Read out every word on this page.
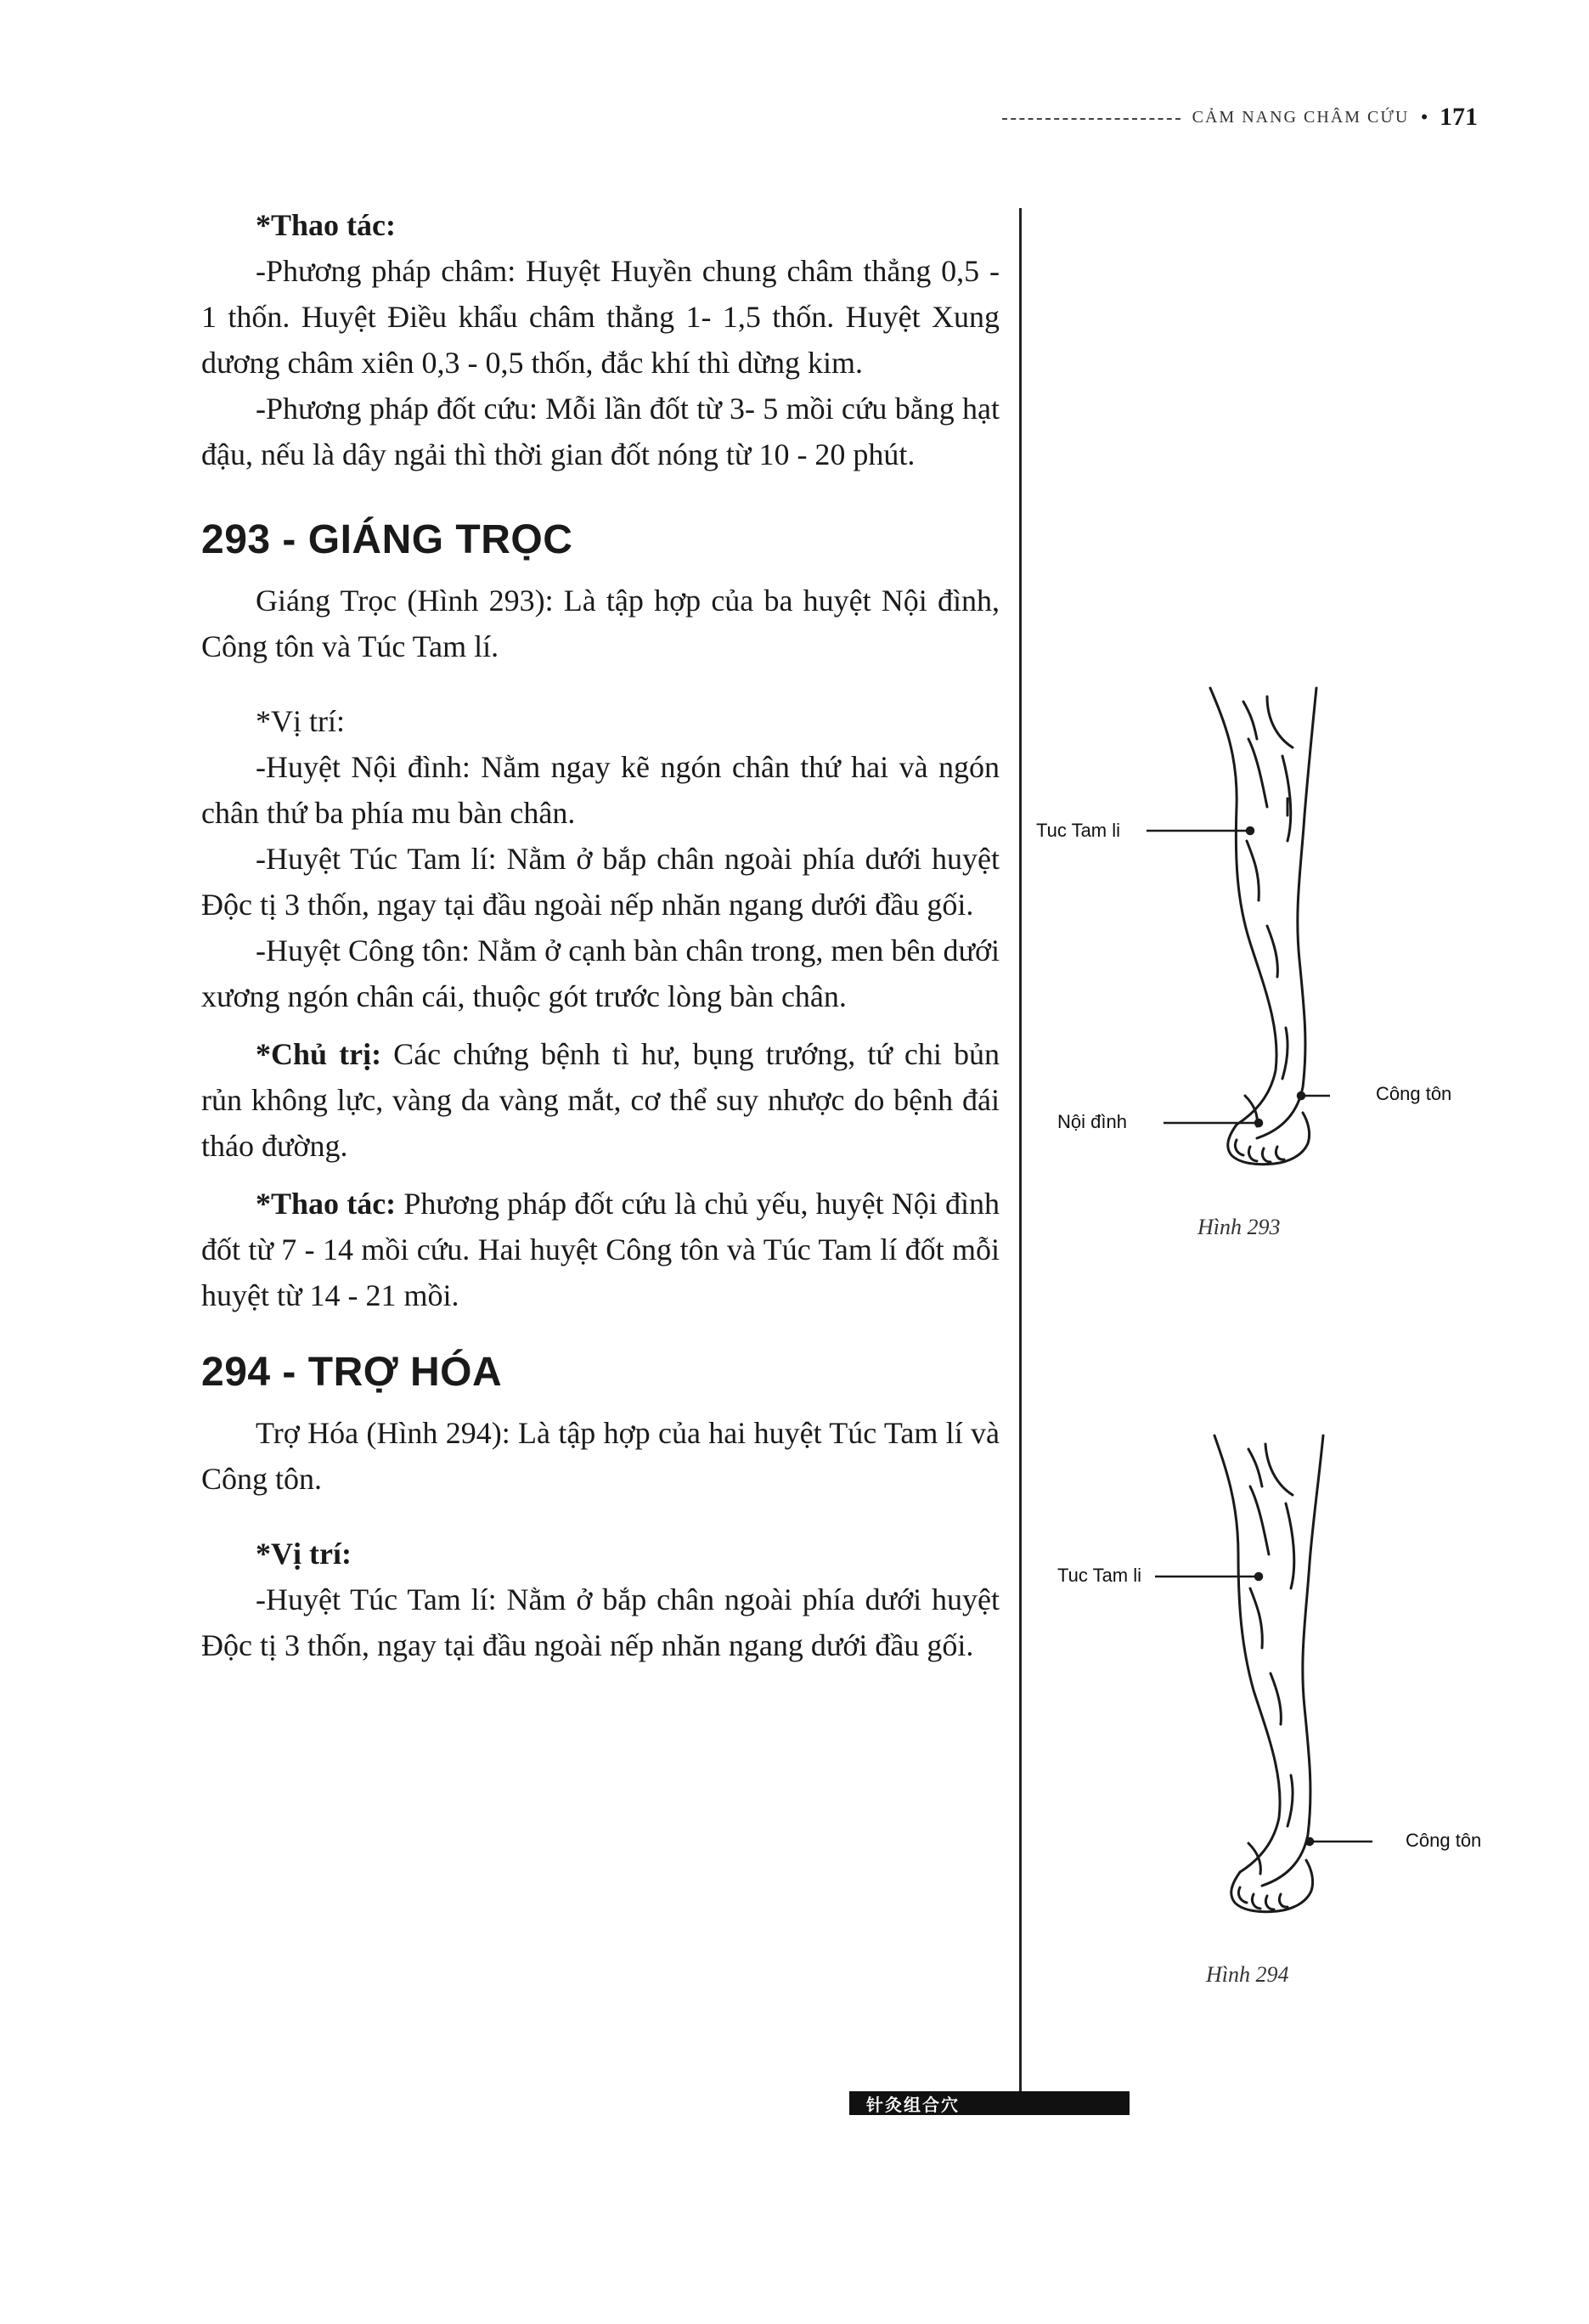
CẢM NANG CHÂM CỨU • 171

*Thao tác:

-Phương pháp châm: Huyệt Huyền chung châm thẳng 0,5 - 1 thốn. Huyệt Điều khẩu châm thẳng 1- 1,5 thốn. Huyệt Xung dương châm xiên 0,3 - 0,5 thốn, đắc khí thì dừng kim.

-Phương pháp đốt cứu: Mỗi lần đốt từ 3- 5 mồi cứu bằng hạt đậu, nếu là dây ngải thì thời gian đốt nóng từ 10 - 20 phút.

293 - GIÁNG TRỌC

Giáng Trọc (Hình 293): Là tập hợp của ba huyệt Nội đình, Công tôn và Túc Tam lí.

*Vị trí:

-Huyệt Nội đình: Nằm ngay kẽ ngón chân thứ hai và ngón chân thứ ba phía mu bàn chân.

-Huyệt Túc Tam lí: Nằm ở bắp chân ngoài phía dưới huyệt Độc tị 3 thốn, ngay tại đầu ngoài nếp nhăn ngang dưới đầu gối.

-Huyệt Công tôn: Nằm ở cạnh bàn chân trong, men bên dưới xương ngón chân cái, thuộc gót trước lòng bàn chân.

*Chủ trị: Các chứng bệnh tì hư, bụng trướng, tứ chi bủn rủn không lực, vàng da vàng mắt, cơ thể suy nhược do bệnh đái tháo đường.

*Thao tác: Phương pháp đốt cứu là chủ yếu, huyệt Nội đình đốt từ 7 - 14 mồi cứu. Hai huyệt Công tôn và Túc Tam lí đốt mỗi huyệt từ 14 - 21 mồi.

294 - TRỢ HÓA

Trợ Hóa (Hình 294): Là tập hợp của hai huyệt Túc Tam lí và Công tôn.

*Vị trí:

-Huyệt Túc Tam lí: Nằm ở bắp chân ngoài phía dưới huyệt Độc tị 3 thốn, ngay tại đầu ngoài nếp nhăn ngang dưới đầu gối.

Tuc Tam li
Nội đình
Công tôn
Hình 293
Tuc Tam li
Công tôn
Hình 294
针灸组合穴
